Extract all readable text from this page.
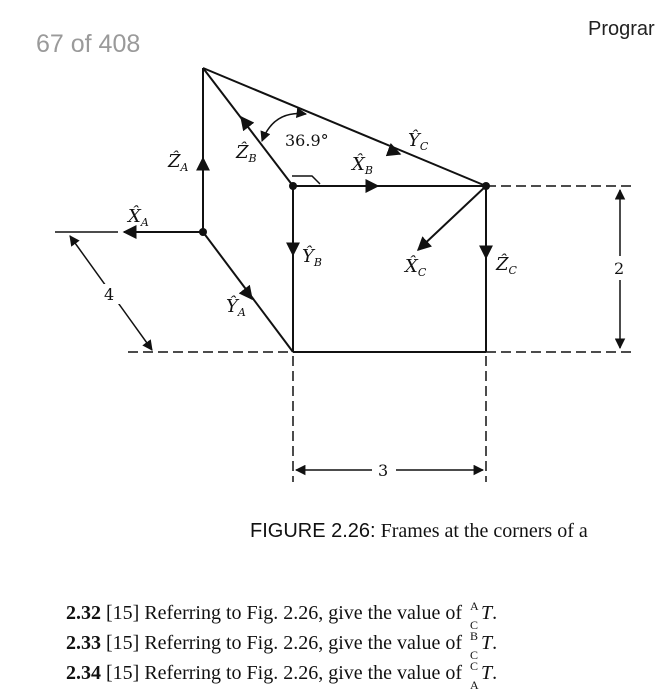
67 of 408
Prograr
Ẑ$_A$
Ẑ$_B$
36.9°	$Ŷ_C$
$X̂_B$
$X̂_A$
$Ŷ_B$	$X̂_C$	Ẑ$_C$
$Ŷ_A$
4
2
3
FIGURE 2.26: Frames at the corners of a
2.32 [15] Referring to Fig. 2.26, give the value of A
C
T.
2.33 [15] Referring to Fig. 2.26, give the value of B
C
T.
2.34 [15] Referring to Fig. 2.26, give the value of C
A
T.
